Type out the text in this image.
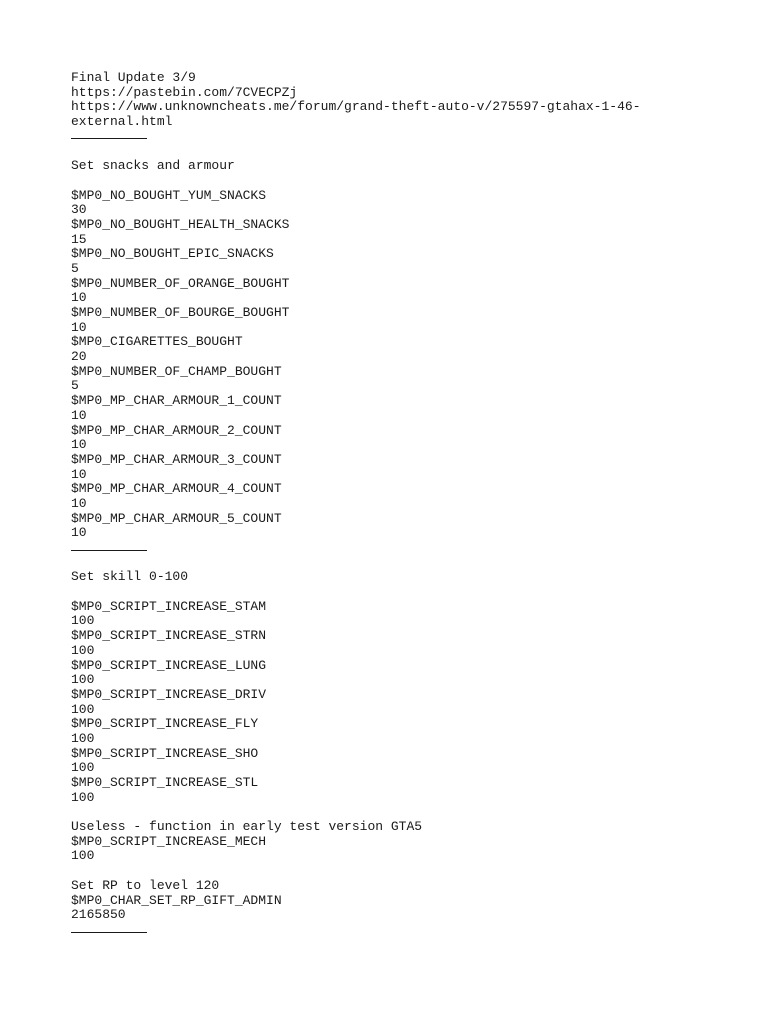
Final Update 3/9
https://pastebin.com/7CVECPZj
https://www.unknowncheats.me/forum/grand-theft-auto-v/275597-gtahax-1-46-
external.html
Set snacks and armour
$MP0_NO_BOUGHT_YUM_SNACKS
30
$MP0_NO_BOUGHT_HEALTH_SNACKS
15
$MP0_NO_BOUGHT_EPIC_SNACKS
5
$MP0_NUMBER_OF_ORANGE_BOUGHT
10
$MP0_NUMBER_OF_BOURGE_BOUGHT
10
$MP0_CIGARETTES_BOUGHT
20
$MP0_NUMBER_OF_CHAMP_BOUGHT
5
$MP0_MP_CHAR_ARMOUR_1_COUNT
10
$MP0_MP_CHAR_ARMOUR_2_COUNT
10
$MP0_MP_CHAR_ARMOUR_3_COUNT
10
$MP0_MP_CHAR_ARMOUR_4_COUNT
10
$MP0_MP_CHAR_ARMOUR_5_COUNT
10
Set skill 0-100
$MP0_SCRIPT_INCREASE_STAM
100
$MP0_SCRIPT_INCREASE_STRN
100
$MP0_SCRIPT_INCREASE_LUNG
100
$MP0_SCRIPT_INCREASE_DRIV
100
$MP0_SCRIPT_INCREASE_FLY
100
$MP0_SCRIPT_INCREASE_SHO
100
$MP0_SCRIPT_INCREASE_STL
100
Useless - function in early test version GTA5
$MP0_SCRIPT_INCREASE_MECH
100
Set RP to level 120
$MP0_CHAR_SET_RP_GIFT_ADMIN
2165850
